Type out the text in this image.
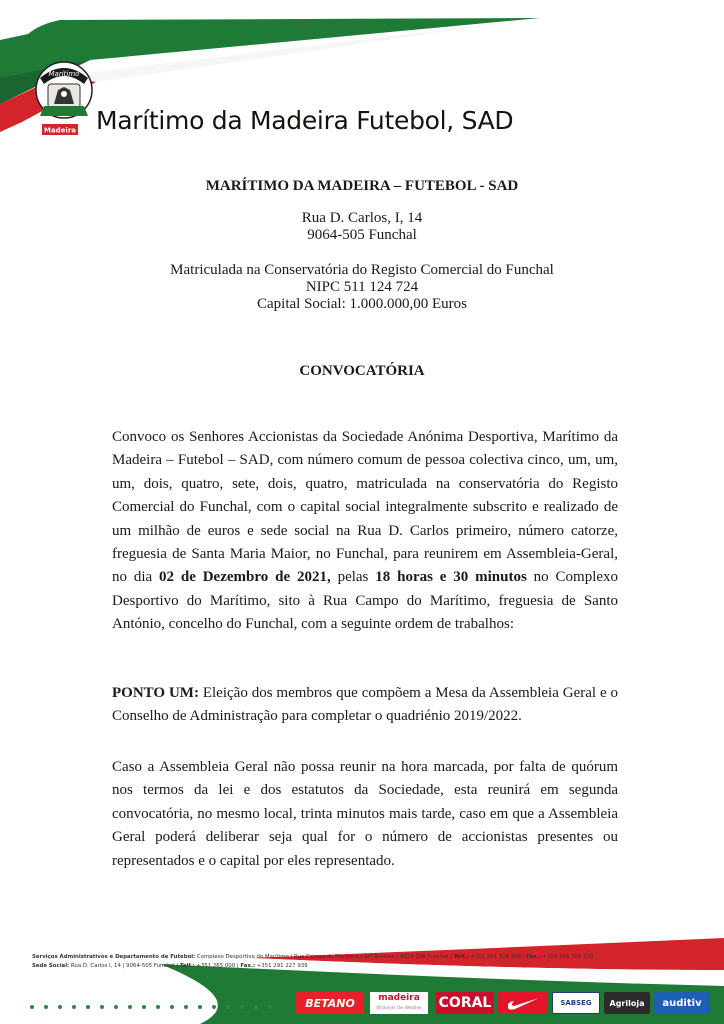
Marítimo
Madeira Marítimo da Madeira Futebol, SAD
MARÍTIMO DA MADEIRA – FUTEBOL - SAD
Rua D. Carlos, I, 14
9064-505 Funchal
Matriculada na Conservatória do Registo Comercial do Funchal
NIPC 511 124 724
Capital Social: 1.000.000,00 Euros
CONVOCATÓRIA
Convoco os Senhores Accionistas da Sociedade Anónima Desportiva, Marítimo da Madeira – Futebol – SAD, com número comum de pessoa colectiva cinco, um, um, um, dois, quatro, sete, dois, quatro, matriculada na conservatória do Registo Comercial do Funchal, com o capital social integralmente subscrito e realizado de um milhão de euros e sede social na Rua D. Carlos primeiro, número catorze, freguesia de Santa Maria Maior, no Funchal, para reunirem em Assembleia-Geral, no dia 02 de Dezembro de 2021, pelas 18 horas e 30 minutos no Complexo Desportivo do Marítimo, sito à Rua Campo do Marítimo, freguesia de Santo António, concelho do Funchal, com a seguinte ordem de trabalhos:
PONTO UM: Eleição dos membros que compõem a Mesa da Assembleia Geral e o Conselho de Administração para completar o quadriénio 2019/2022.
Caso a Assembleia Geral não possa reunir na hora marcada, por falta de quórum nos termos da lei e dos estatutos da Sociedade, esta reunirá em segunda convocatória, no mesmo local, trinta minutos mais tarde, caso em que a Assembleia Geral poderá deliberar seja qual for o número de accionistas presentes ou representados e o capital por eles representado.
Serviços Administrativos e Departamento de Futebol: Complexo Desportivo do Marítimo | Rua Campo do Marítimo | Stº António | 9020-208 Funchal | Telf.: +351 291 708 300 | Fax.: +351 291 708 310
Sede Social: Rua D. Carlos I, 14 | 9064-505 Funchal | Telf.: +351 265 000 | Fax.: +351 291 227 939
BETANO	madeira
Whatever the Weather CORAL	SABSEG	Agriloja	auditiv
